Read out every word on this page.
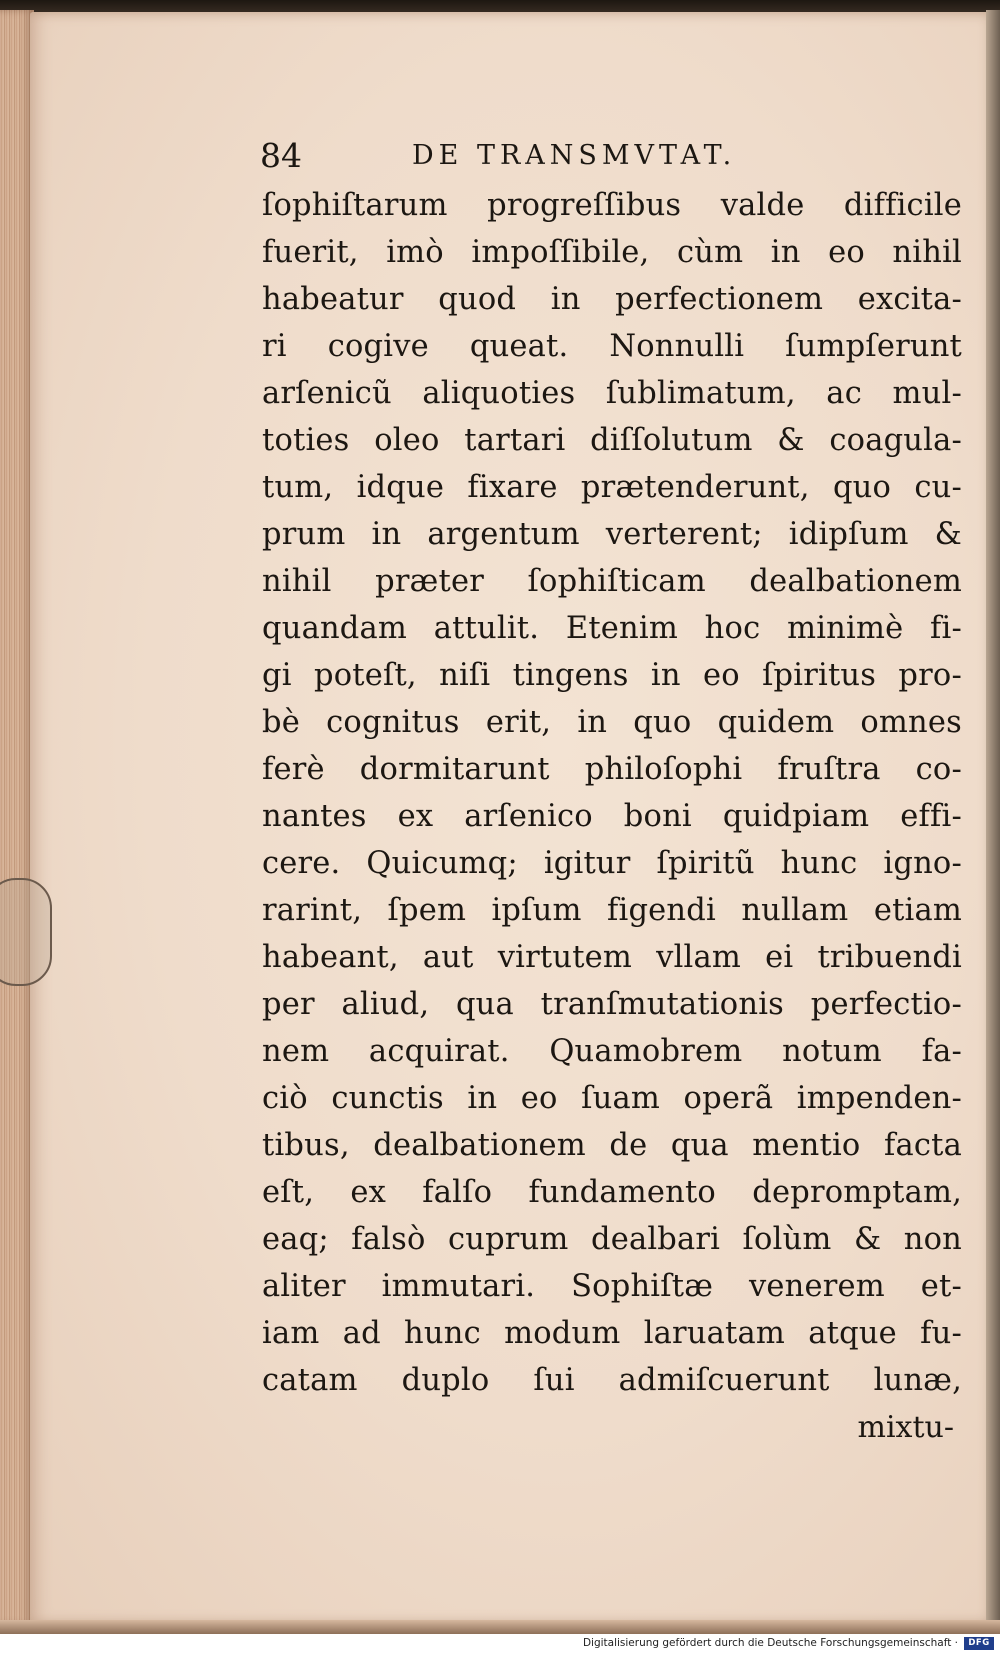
84	DE TRANSMVTAT.
ſophiſtarum progreſſibus valde difficile
fuerit, imò impoſſibile, cùm in eo nihil
habeatur quod in perfectionem excita-
ri cogive queat. Nonnulli ſumpſerunt
arſenicũ aliquoties ſublimatum, ac mul-
toties oleo tartari diſſolutum & coagula-
tum, idque fixare prætenderunt, quo cu-
prum in argentum verterent; idipſum &
nihil præter ſophiſticam dealbationem
quandam attulit. Etenim hoc minimè fi-
gi poteſt, niſi tingens in eo ſpiritus pro-
bè cognitus erit, in quo quidem omnes
ferè dormitarunt philoſophi fruſtra co-
nantes ex arſenico boni quidpiam effi-
cere. Quicumq; igitur ſpiritũ hunc igno-
rarint, ſpem ipſum figendi nullam etiam
habeant, aut virtutem vllam ei tribuendi
per aliud, qua tranſmutationis perfectio-
nem acquirat. Quamobrem notum fa-
ciò cunctis in eo ſuam operã impenden-
tibus, dealbationem de qua mentio facta
eſt, ex falſo fundamento depromptam,
eaq; falsò cuprum dealbari ſolùm & non
aliter immutari. Sophiſtæ venerem et-
iam ad hunc modum laruatam atque fu-
catam duplo ſui admiſcuerunt lunæ,
mixtu-
Digitalisierung gefördert durch die Deutsche Forschungsgemeinschaft ·	DFG
